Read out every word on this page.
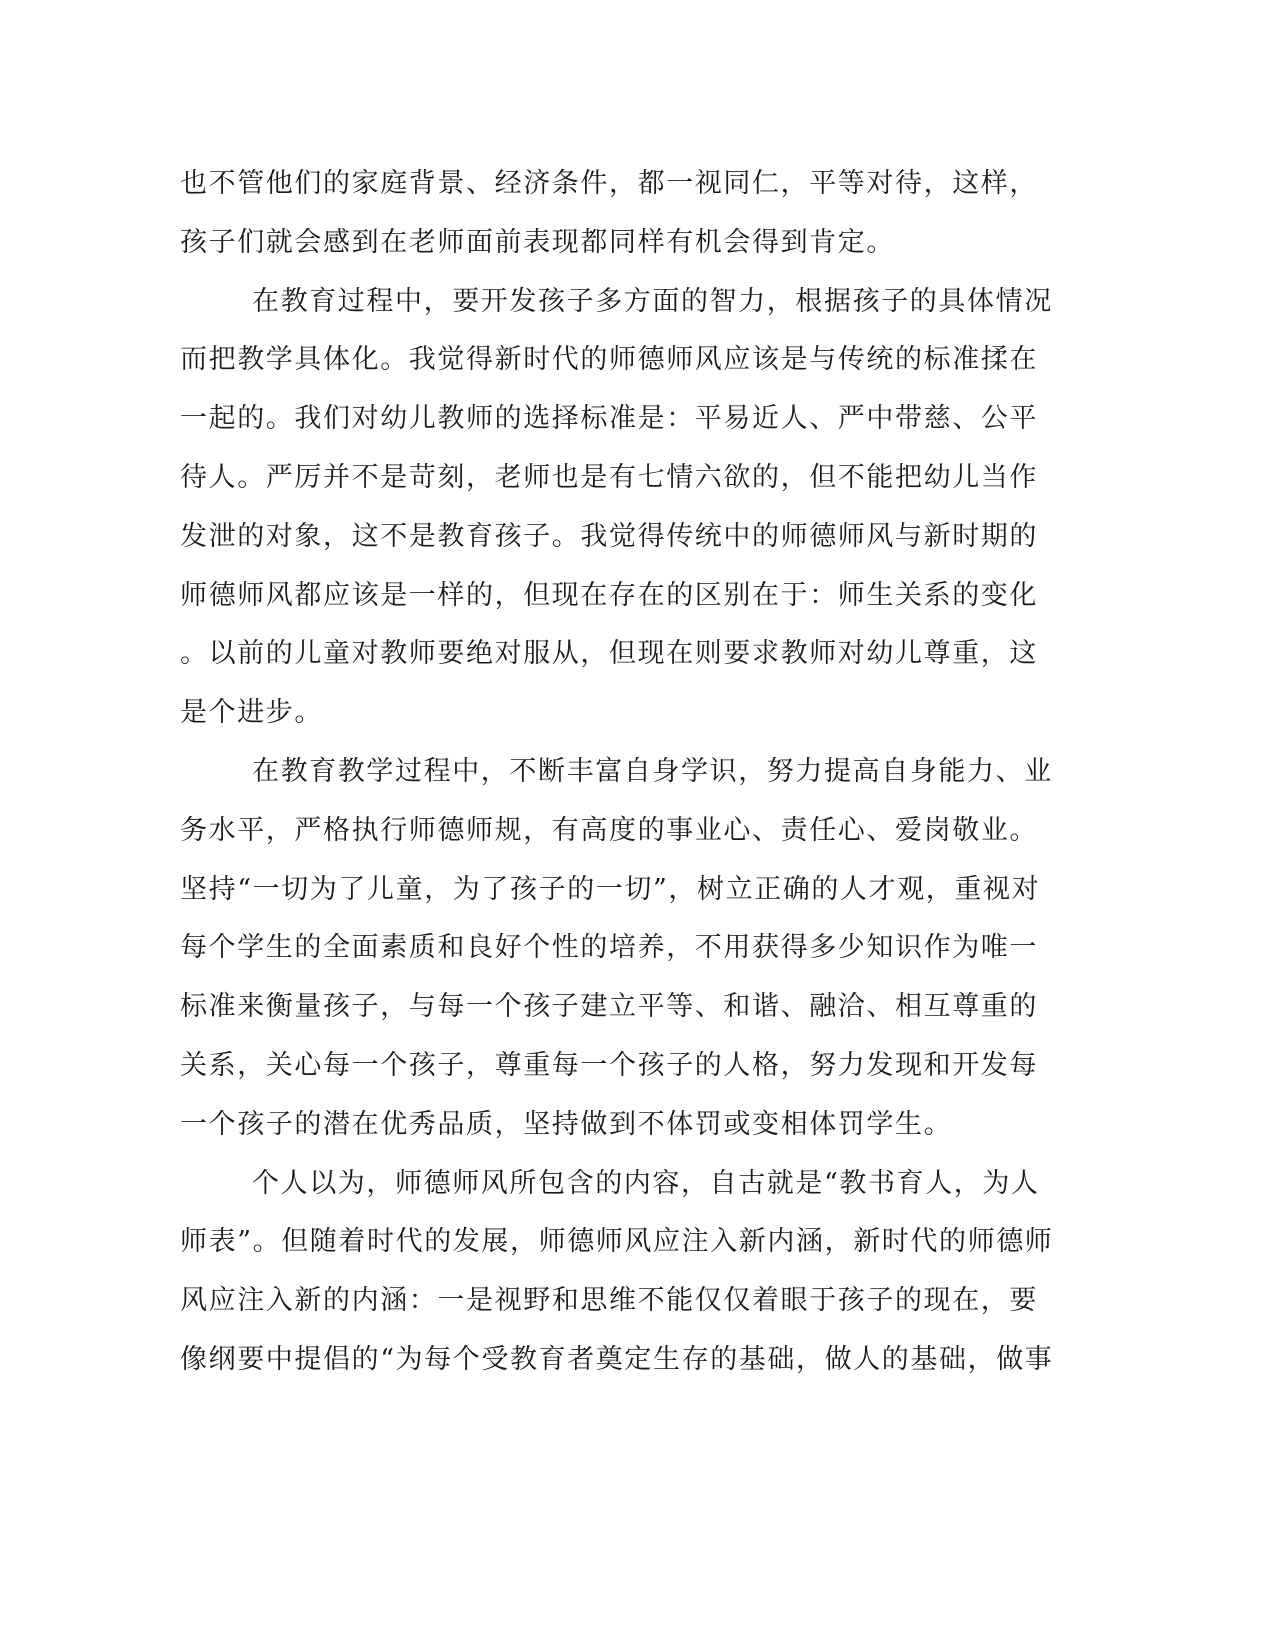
也不管他们的家庭背景、经济条件，都一视同仁，平等对待，这样，
孩子们就会感到在老师面前表现都同样有机会得到肯定。
在教育过程中，要开发孩子多方面的智力，根据孩子的具体情况
而把教学具体化。我觉得新时代的师德师风应该是与传统的标准揉在
一起的。我们对幼儿教师的选择标准是：平易近人、严中带慈、公平
待人。严厉并不是苛刻，老师也是有七情六欲的，但不能把幼儿当作
发泄的对象，这不是教育孩子。我觉得传统中的师德师风与新时期的
师德师风都应该是一样的，但现在存在的区别在于：师生关系的变化
。以前的儿童对教师要绝对服从，但现在则要求教师对幼儿尊重，这
是个进步。
在教育教学过程中，不断丰富自身学识，努力提高自身能力、业
务水平，严格执行师德师规，有高度的事业心、责任心、爱岗敬业。
坚持“一切为了儿童，为了孩子的一切”，树立正确的人才观，重视对
每个学生的全面素质和良好个性的培养，不用获得多少知识作为唯一
标准来衡量孩子，与每一个孩子建立平等、和谐、融洽、相互尊重的
关系，关心每一个孩子，尊重每一个孩子的人格，努力发现和开发每
一个孩子的潜在优秀品质，坚持做到不体罚或变相体罚学生。
个人以为，师德师风所包含的内容，自古就是“教书育人，为人
师表”。但随着时代的发展，师德师风应注入新内涵，新时代的师德师
风应注入新的内涵：一是视野和思维不能仅仅着眼于孩子的现在，要
像纲要中提倡的“为每个受教育者奠定生存的基础，做人的基础，做事
